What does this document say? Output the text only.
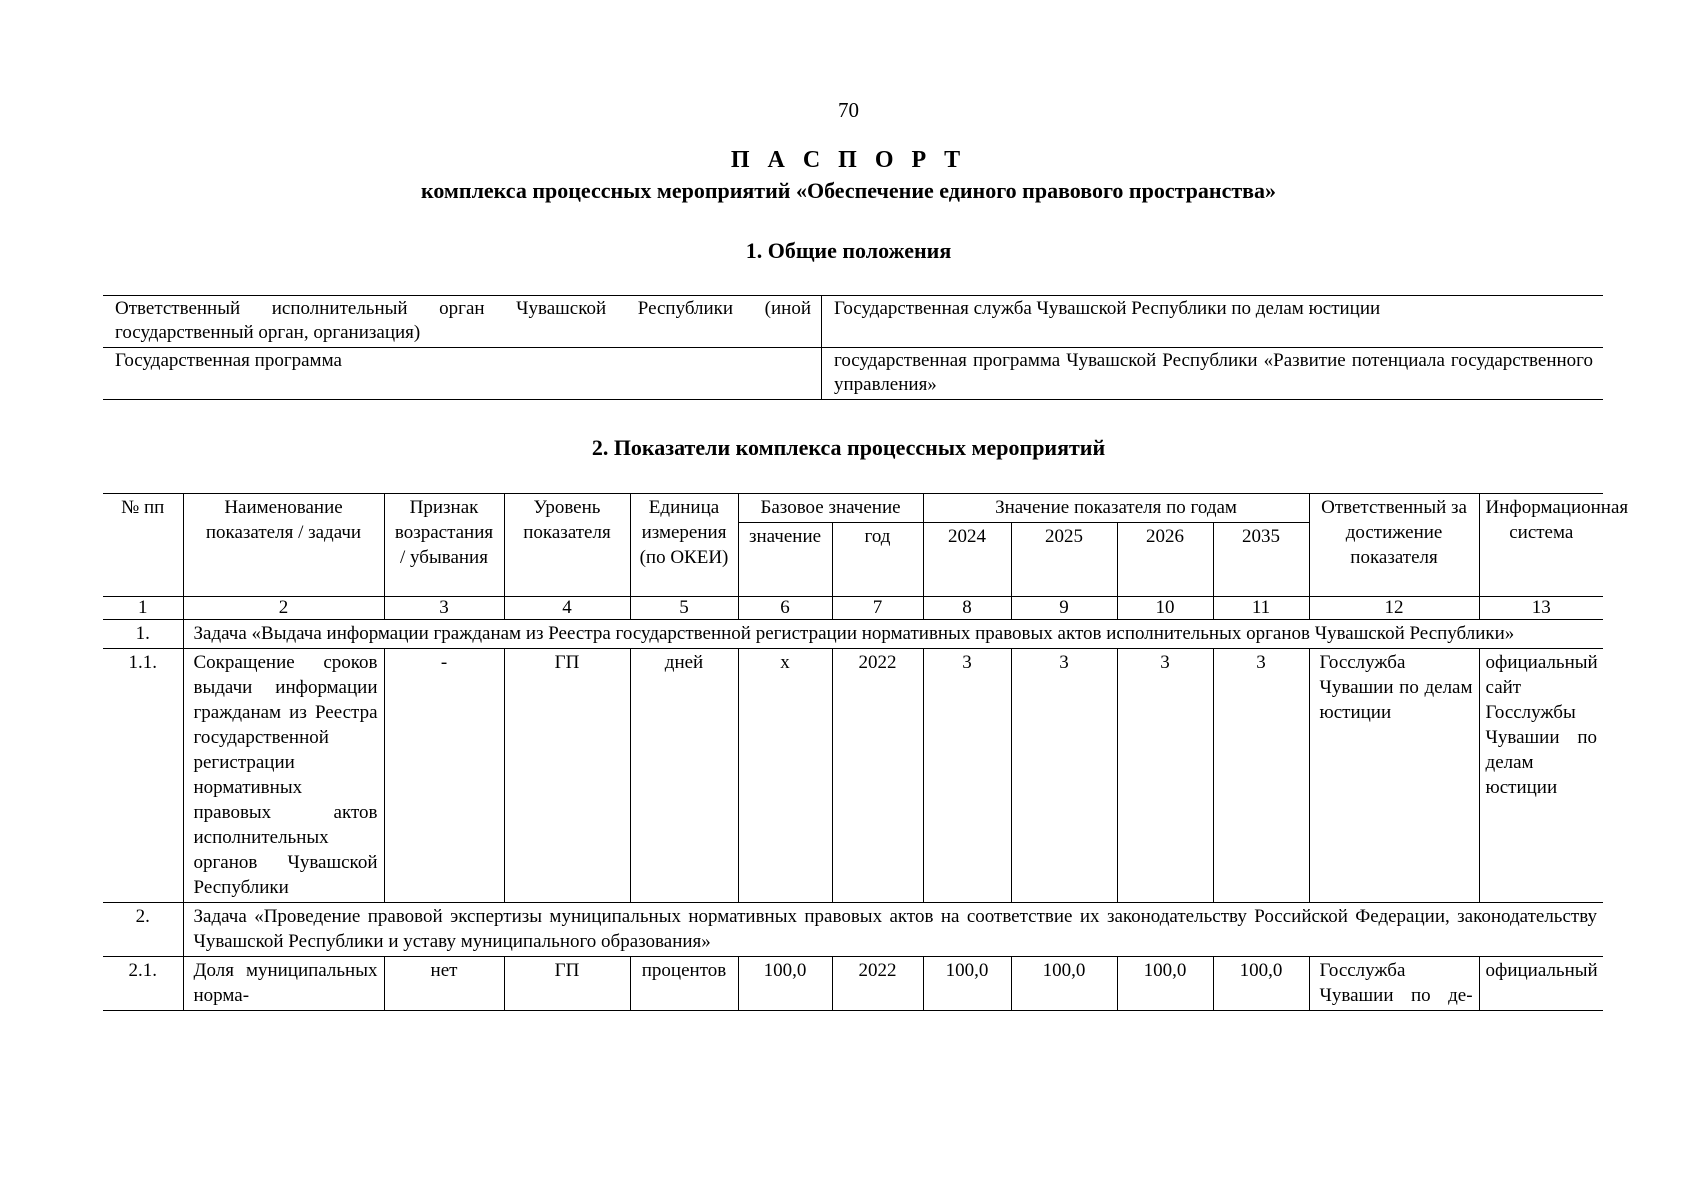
70
П А С П О Р Т
комплекса процессных мероприятий «Обеспечение единого правового пространства»
1. Общие положения
Ответственный исполнительный орган Чувашской Республики (иной государственный орган, организация)	Государственная служба Чувашской Республики по делам юстиции
Государственная программа	государственная программа Чувашской Республики «Развитие потенциала государственного управления»
2. Показатели комплекса процессных мероприятий
№ пп	Наименование показателя / задачи	Признак возрастания / убывания	Уровень показателя	Единица измерения (по ОКЕИ)	Базовое значение		Значение показателя по годам				Ответственный за достижение показателя	Информационная система
					значение	год	2024	2025	2026	2035		
1	2	3	4	5	6	7	8	9	10	11	12	13
1.	Задача «Выдача информации гражданам из Реестра государственной регистрации нормативных правовых актов исполнительных органов Чувашской Республики»											
1.1.	Сокращение сроков выдачи информации гражданам из Реестра государственной регистрации нормативных правовых актов исполнительных органов Чувашской Республики	-	ГП	дней	х	2022	3	3	3	3	Госслужба Чувашии по делам юстиции	официальный сайт Госслужбы Чувашии по делам юстиции
2.	Задача «Проведение правовой экспертизы муниципальных нормативных правовых актов на соответствие их законодательству Российской Федерации, законодательству Чувашской Республики и уставу муниципального образования»											
2.1.	Доля муниципальных норма-	нет	ГП	процентов	100,0	2022	100,0	100,0	100,0	100,0	Госслужба Чувашии по де-	официальный
